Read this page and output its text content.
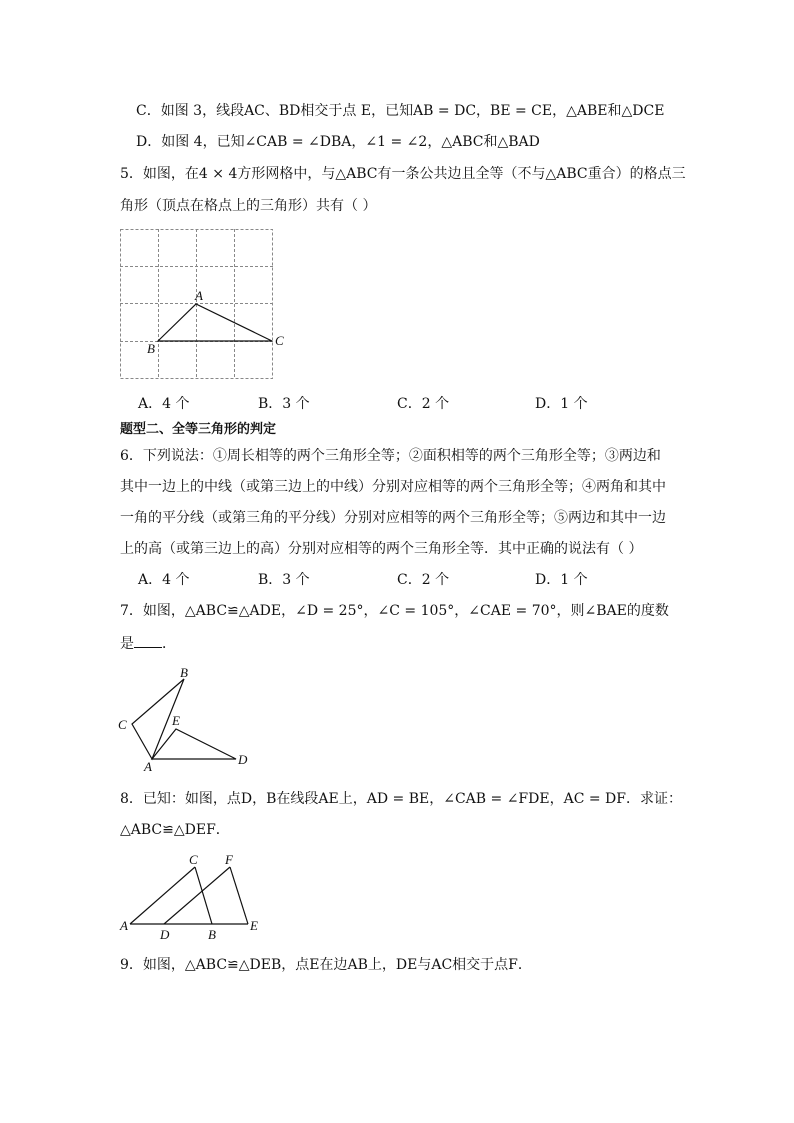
C．如图 3，线段AC、BD相交于点 E，已知AB = DC，BE = CE，△ABE和△DCE
D．如图 4，已知∠CAB = ∠DBA，∠1 = ∠2，△ABC和△BAD
5．如图，在4 × 4方形网格中，与△ABC有一条公共边且全等（不与△ABC重合）的格点三
角形（顶点在格点上的三角形）共有（ ）
A
B
C
A．4 个	B．3 个	C．2 个	D．1 个
题型二、全等三角形的判定
6．下列说法：①周长相等的两个三角形全等；②面积相等的两个三角形全等；③两边和
其中一边上的中线（或第三边上的中线）分别对应相等的两个三角形全等；④两角和其中
一角的平分线（或第三角的平分线）分别对应相等的两个三角形全等；⑤两边和其中一边
上的高（或第三边上的高）分别对应相等的两个三角形全等．其中正确的说法有（ ）
A．4 个	B．3 个	C．2 个	D．1 个
7．如图，△ABC≌△ADE，∠D = 25°，∠C = 105°，∠CAE = 70°，则∠BAE的度数
是 ．
B
C	E
A	D
8．已知：如图，点D，B在线段AE上，AD = BE，∠CAB = ∠FDE，AC = DF．求证：
△ABC≌△DEF．
C F
A
D	B
E
9．如图，△ABC≌△DEB，点E在边AB上，DE与AC相交于点F．
